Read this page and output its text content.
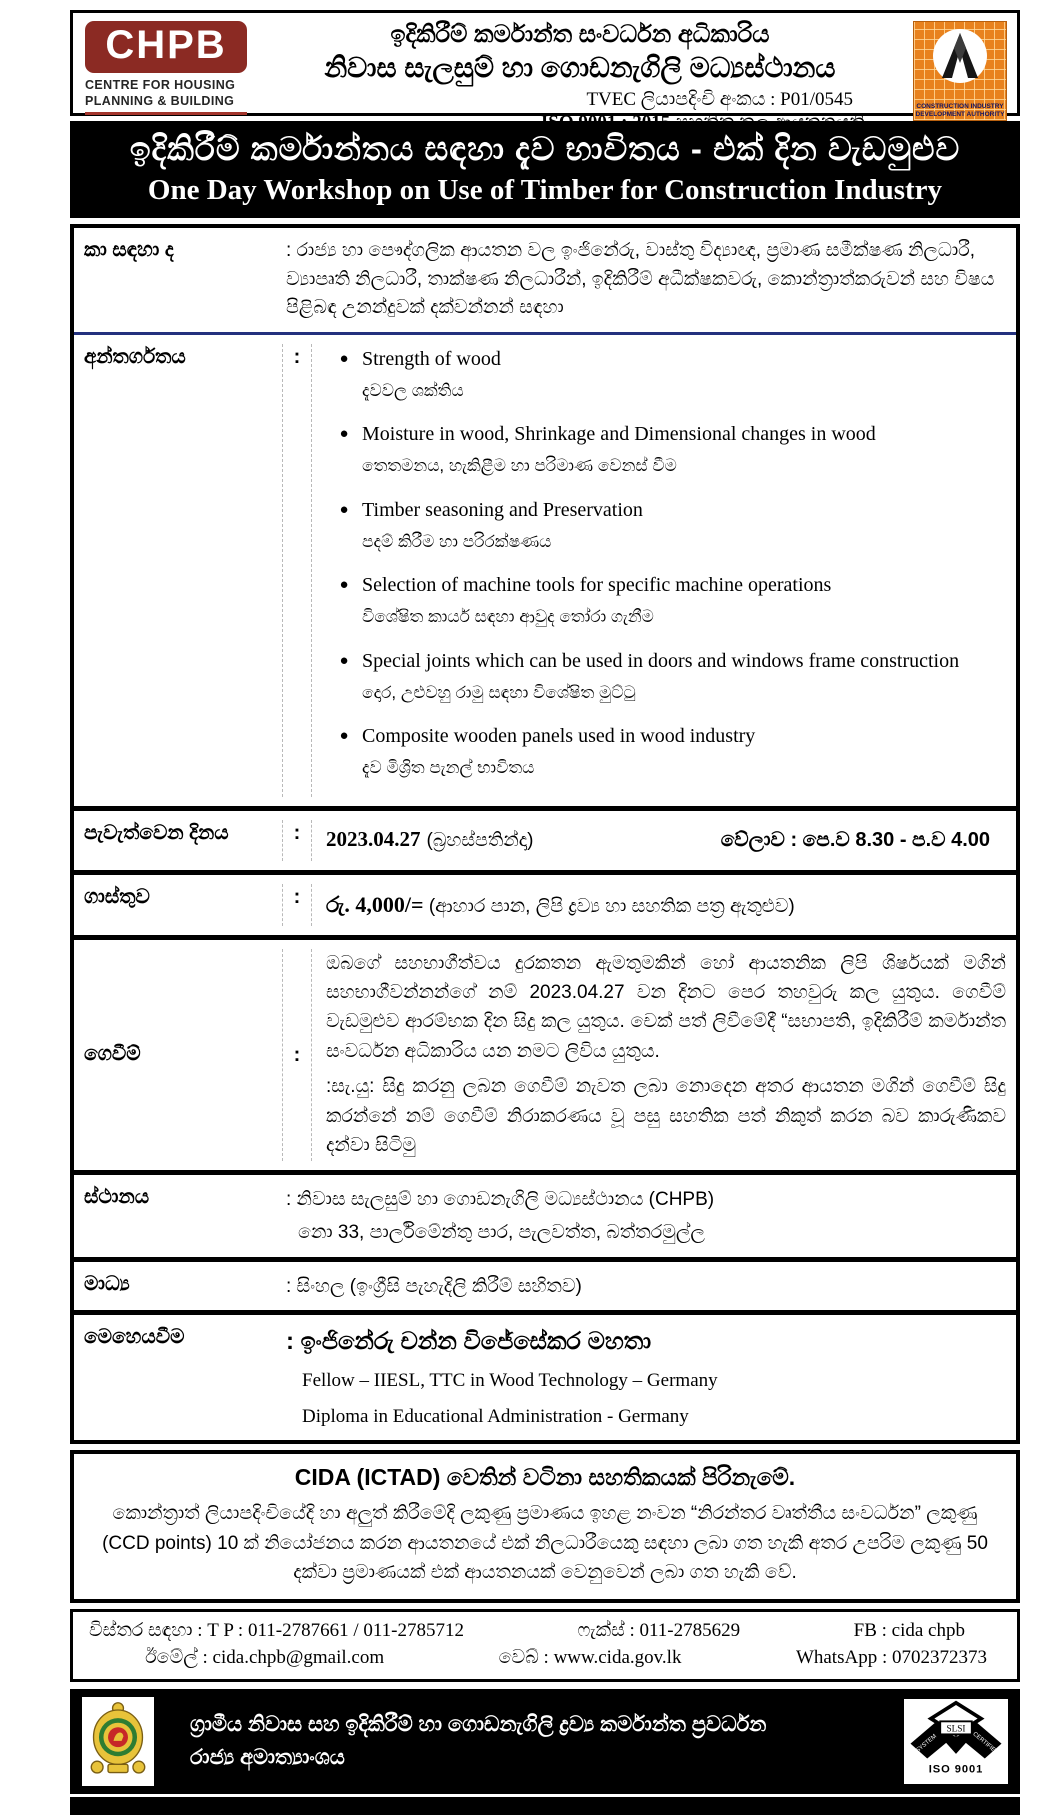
CHPB
CENTRE FOR HOUSING
PLANNING & BUILDING
ඉදිකිරීම් කර්මාන්ත සංවර්ධන අධිකාරිය
නිවාස සැලසුම් හා ගොඩනැගිලි මධ්‍යස්ථානය
TVEC ලියාපදිංචි අංකය : P01/0545
ISO 9001 : 2015 සහතික කල ආයතනයකි
CONSTRUCTION INDUSTRY
DEVELOPMENT AUTHORITY
ඉදිකිරීම් කර්මාන්තය සඳහා දැව භාවිතය - එක් දින වැඩමුළුව
One Day Workshop on Use of Timber for Construction Industry
කා සඳහා ද	: රාජ්‍ය හා පෞද්ගලික ආයතන වල ඉංජිනේරු, වාස්තු විද්‍යාඥ, ප්‍රමාණ සමීක්ෂණ නිලධාරී, ව්‍යාපෘති නිලධාරී, තාක්ෂණ නිලධාරීන්, ඉදිකිරීම් අධීක්ෂකවරු, කොන්ත්‍රාත්කරුවන් සහ විෂය පිළිබඳ උනන්දුවක් දක්වන්නන් සඳහා
අන්තර්ගතය	:	● Strength of wood
දැවවල ශක්තිය
● Moisture in wood, Shrinkage and Dimensional changes in wood
තෙතමනය, හැකිළීම හා පරිමාණ වෙනස් වීම
● Timber seasoning and Preservation
පදම් කිරීම හා පරිරක්ෂණය
● Selection of machine tools for specific machine operations
විශේෂිත කාර්ය සඳහා ආවුද තෝරා ගැනීම
● Special joints which can be used in doors and windows frame construction
දොර, උළුවහු රාමු සඳහා විශේෂිත මුට්ටු
● Composite wooden panels used in wood industry
දැව මිශ්‍රිත පැනල් භාවිතය
පැවැත්වෙන දිනය	:	2023.04.27 (බ්‍රහස්පතින්දා)	වේලාව : පෙ.ව 8.30 - ප.ව 4.00
ගාස්තුව	:	රු. 4,000/= (ආහාර පාන, ලිපි ද්‍රව්‍ය හා සහතික පත්‍ර ඇතුළුව)
ගෙවීම්	:
ඔබගේ සහභාගීත්වය දුරකතන ඇමතුමකින් හෝ ආයතනික ලිපි ශිර්ෂයක් මගින් සහභාගීවන්නන්ගේ නම් 2023.04.27 වන දිනට පෙර තහවුරු කල යුතුය. ගෙවීම් වැඩමුළුව ආරම්භක දින සිදු කල යුතුය. චෙක් පත් ලිවීමේදී “සභාපති, ඉදිකිරීම් කර්මාන්ත සංවර්ධන අධිකාරිය යන නමට ලිවිය යුතුය.
:සැ.යු: සිදු කරනු ලබන ගෙවීම් නැවත ලබා නොදෙන අතර ආයතන මගින් ගෙවීම් සිදු කරන්නේ නම් ගෙවීම් නිරාකරණය වූ පසු සහතික පත් නිකුත් කරන බව කාරුණිකව දන්වා සිටිමු
ස්ථානය	: නිවාස සැලසුම් හා ගොඩනැගිලි මධ්‍යස්ථානය (CHPB)
නො 33, පාර්ලිමේන්තු පාර, පැලවත්ත, බත්තරමුල්ල
මාධ්‍ය	: සිංහල (ඉංග්‍රීසි පැහැදිලි කිරීම් සහිතව)
මෙහෙයවීම	: ඉංජිනේරු චන්න විජේසේකර මහතා
Fellow – IIESL, TTC in Wood Technology – Germany
Diploma in Educational Administration - Germany
CIDA (ICTAD) වෙතින් වටිනා සහතිකයක් පිරිනැමේ.
කොන්ත්‍රාත් ලියාපදිංචියේදි හා අලුත් කිරීමේදි ලකුණු ප්‍රමාණය ඉහළ නංවන “නිරන්තර වෘත්තීය සංවර්ධන” ලකුණු (CCD points) 10 ක් නියෝජනය කරන ආයතනයේ එක් නිලධාරීයෙකු සඳහා ලබා ගත හැකි අතර උපරිම ලකුණු 50 දක්වා ප්‍රමාණයක් එක් ආයතනයක් වෙනුවෙන් ලබා ගත හැකි වේ.
විස්තර සඳහා : T P : 011-2787661 / 011-2785712	ෆැක්ස් : 011-2785629	FB : cida chpb
ඊමේල් : cida.chpb@gmail.com	වෙබ් : www.cida.gov.lk	WhatsApp : 0702372373
ග්‍රාමීය නිවාස සහ ඉදිකිරීම් හා ගොඩනැගිලි ද්‍රව්‍ය කර්මාන්ත ප්‍රවර්ධන
රාජ්‍ය අමාත්‍යාංශය
SLSI
SYSTEM	CERTIFIED
ISO 9001
